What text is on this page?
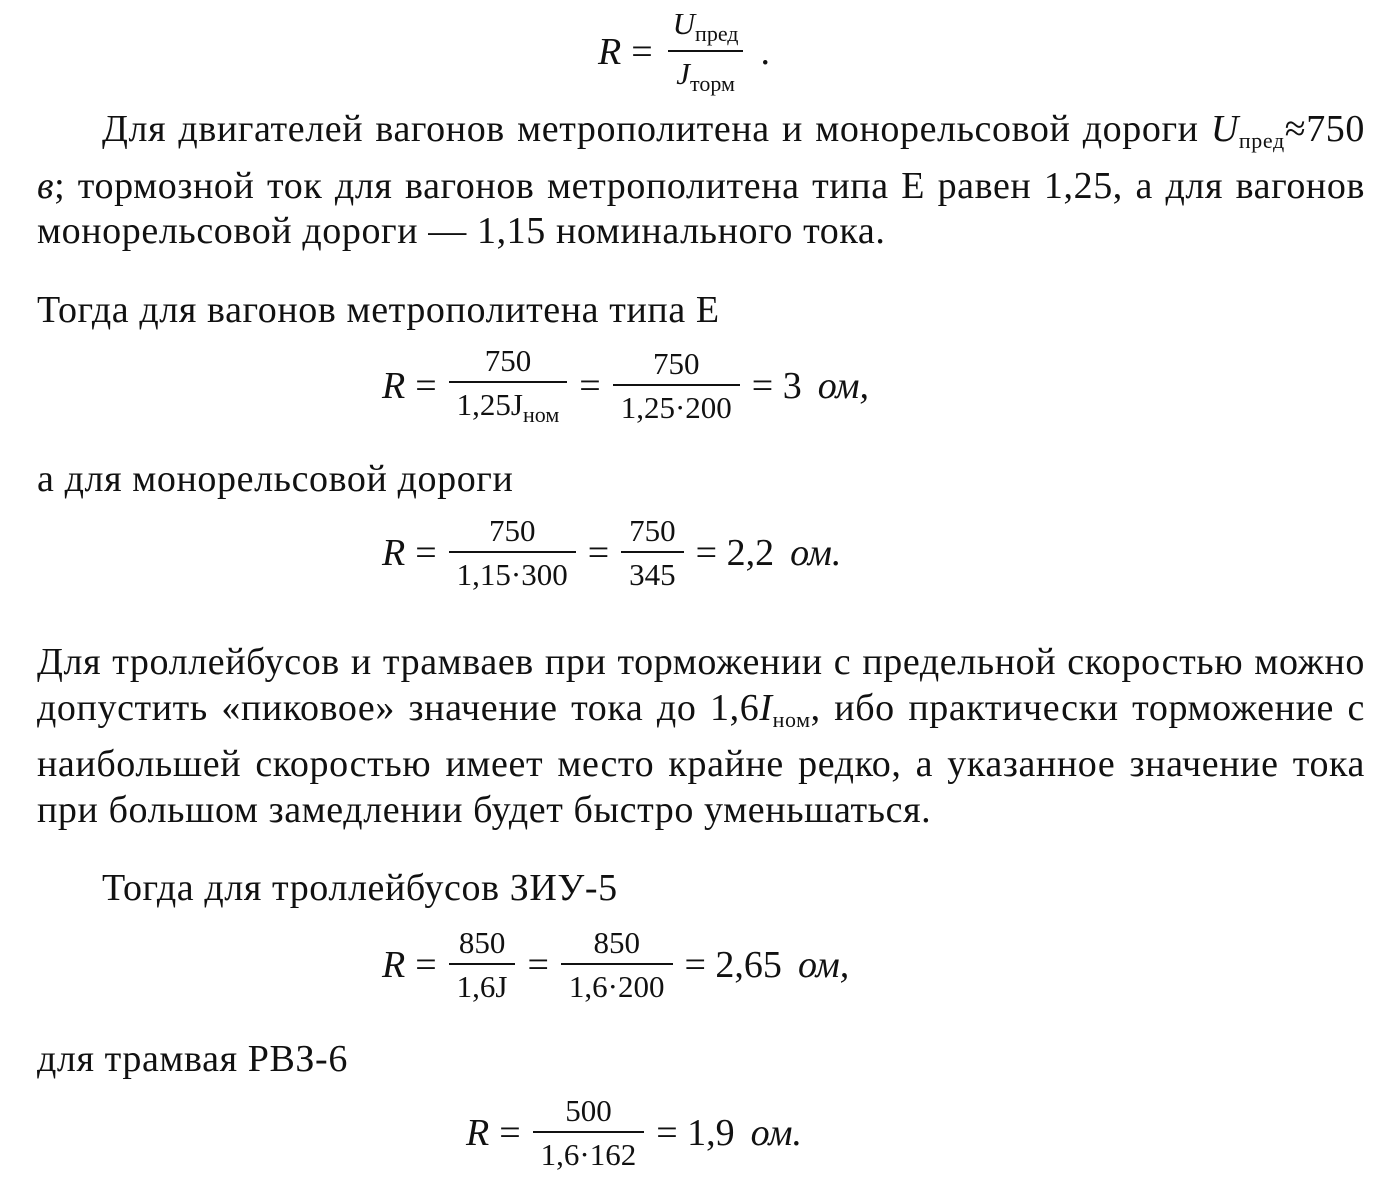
$R = \frac{U_{пред}}{J_{торм}}$ .

Для двигателей вагонов метрополитена и монорельсовой дороги $U_{пред}\approx 750$ в; тормозной ток для вагонов метрополитена типа Е равен 1,25, а для вагонов монорельсовой дороги — 1,15 номинального тока.

Тогда для вагонов метрополитена типа Е

$R = \frac{750}{1,25J_{ном}} = \frac{750}{1,25\cdot 200} = 3$ ом,

а для монорельсовой дороги

$R = \frac{750}{1,15\cdot 300} = \frac{750}{345} = 2,2$ ом.

Для троллейбусов и трамваев при торможении с предельной скоростью можно допустить «пиковое» значение тока до $1,6I_{ном}$, ибо практически торможение с наибольшей скоростью имеет место крайне редко, а указанное значение тока при большом замедлении будет быстро уменьшаться.

Тогда для троллейбусов ЗИУ-5

$R = \frac{850}{1,6J} = \frac{850}{1,6\cdot 200} = 2,65$ ом,

для трамвая РВЗ-6

$R = \frac{500}{1,6\cdot 162} = 1,9$ ом.
